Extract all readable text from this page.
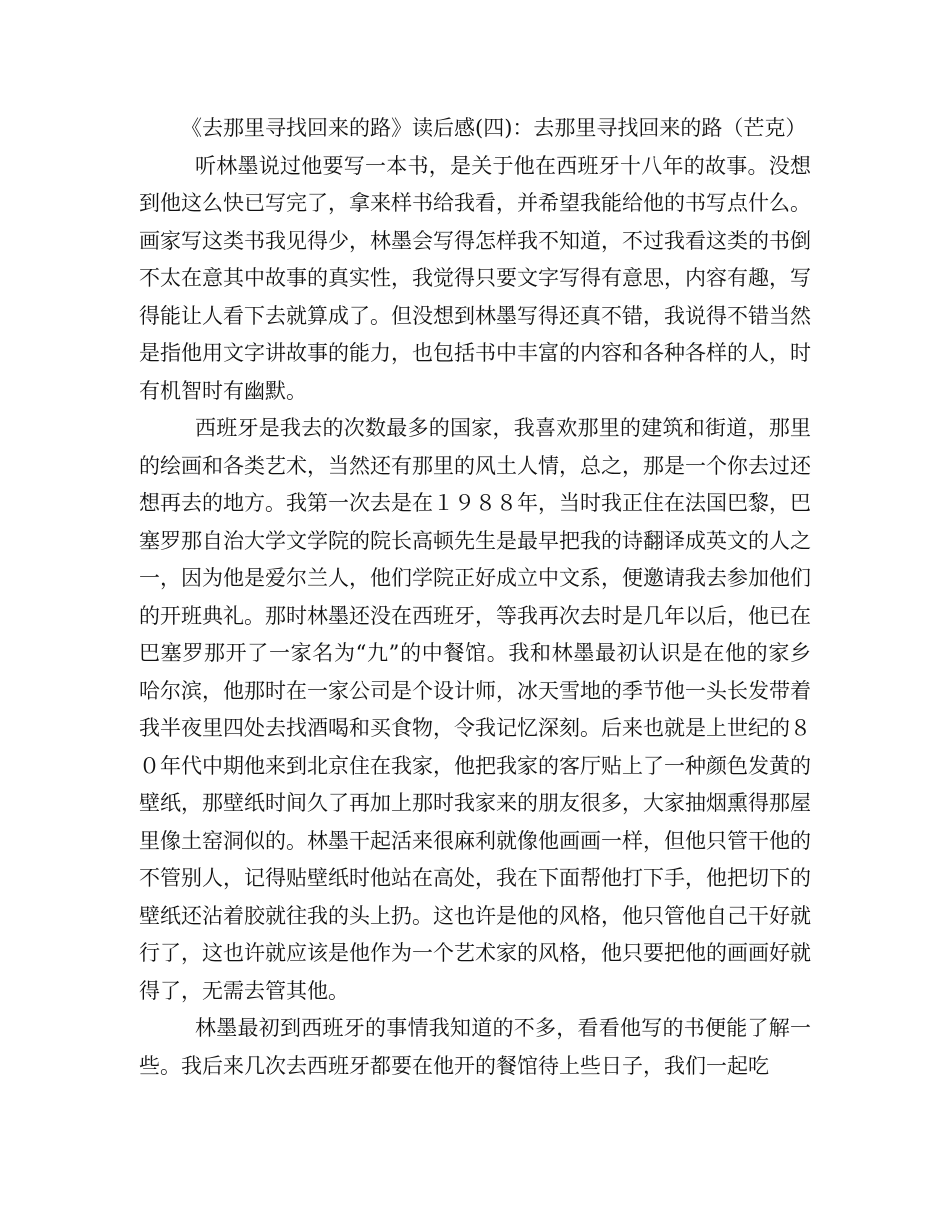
《去那里寻找回来的路》读后感(四)：去那里寻找回来的路（芒克）

听林墨说过他要写一本书，是关于他在西班牙十八年的故事。没想到他这么快已写完了，拿来样书给我看，并希望我能给他的书写点什么。画家写这类书我见得少，林墨会写得怎样我不知道，不过我看这类的书倒不太在意其中故事的真实性，我觉得只要文字写得有意思，内容有趣，写得能让人看下去就算成了。但没想到林墨写得还真不错，我说得不错当然是指他用文字讲故事的能力，也包括书中丰富的内容和各种各样的人，时有机智时有幽默。

西班牙是我去的次数最多的国家，我喜欢那里的建筑和街道，那里的绘画和各类艺术，当然还有那里的风土人情，总之，那是一个你去过还想再去的地方。我第一次去是在１９８８年，当时我正住在法国巴黎，巴塞罗那自治大学文学院的院长高顿先生是最早把我的诗翻译成英文的人之一，因为他是爱尔兰人，他们学院正好成立中文系，便邀请我去参加他们的开班典礼。那时林墨还没在西班牙，等我再次去时是几年以后，他已在巴塞罗那开了一家名为“九”的中餐馆。我和林墨最初认识是在他的家乡哈尔滨，他那时在一家公司是个设计师，冰天雪地的季节他一头长发带着我半夜里四处去找酒喝和买食物，令我记忆深刻。后来也就是上世纪的８０年代中期他来到北京住在我家，他把我家的客厅贴上了一种颜色发黄的壁纸，那壁纸时间久了再加上那时我家来的朋友很多，大家抽烟熏得那屋里像土窑洞似的。林墨干起活来很麻利就像他画画一样，但他只管干他的不管别人，记得贴壁纸时他站在高处，我在下面帮他打下手，他把切下的壁纸还沾着胶就往我的头上扔。这也许是他的风格，他只管他自己干好就行了，这也许就应该是他作为一个艺术家的风格，他只要把他的画画好就得了，无需去管其他。

林墨最初到西班牙的事情我知道的不多，看看他写的书便能了解一些。我后来几次去西班牙都要在他开的餐馆待上些日子，我们一起吃
